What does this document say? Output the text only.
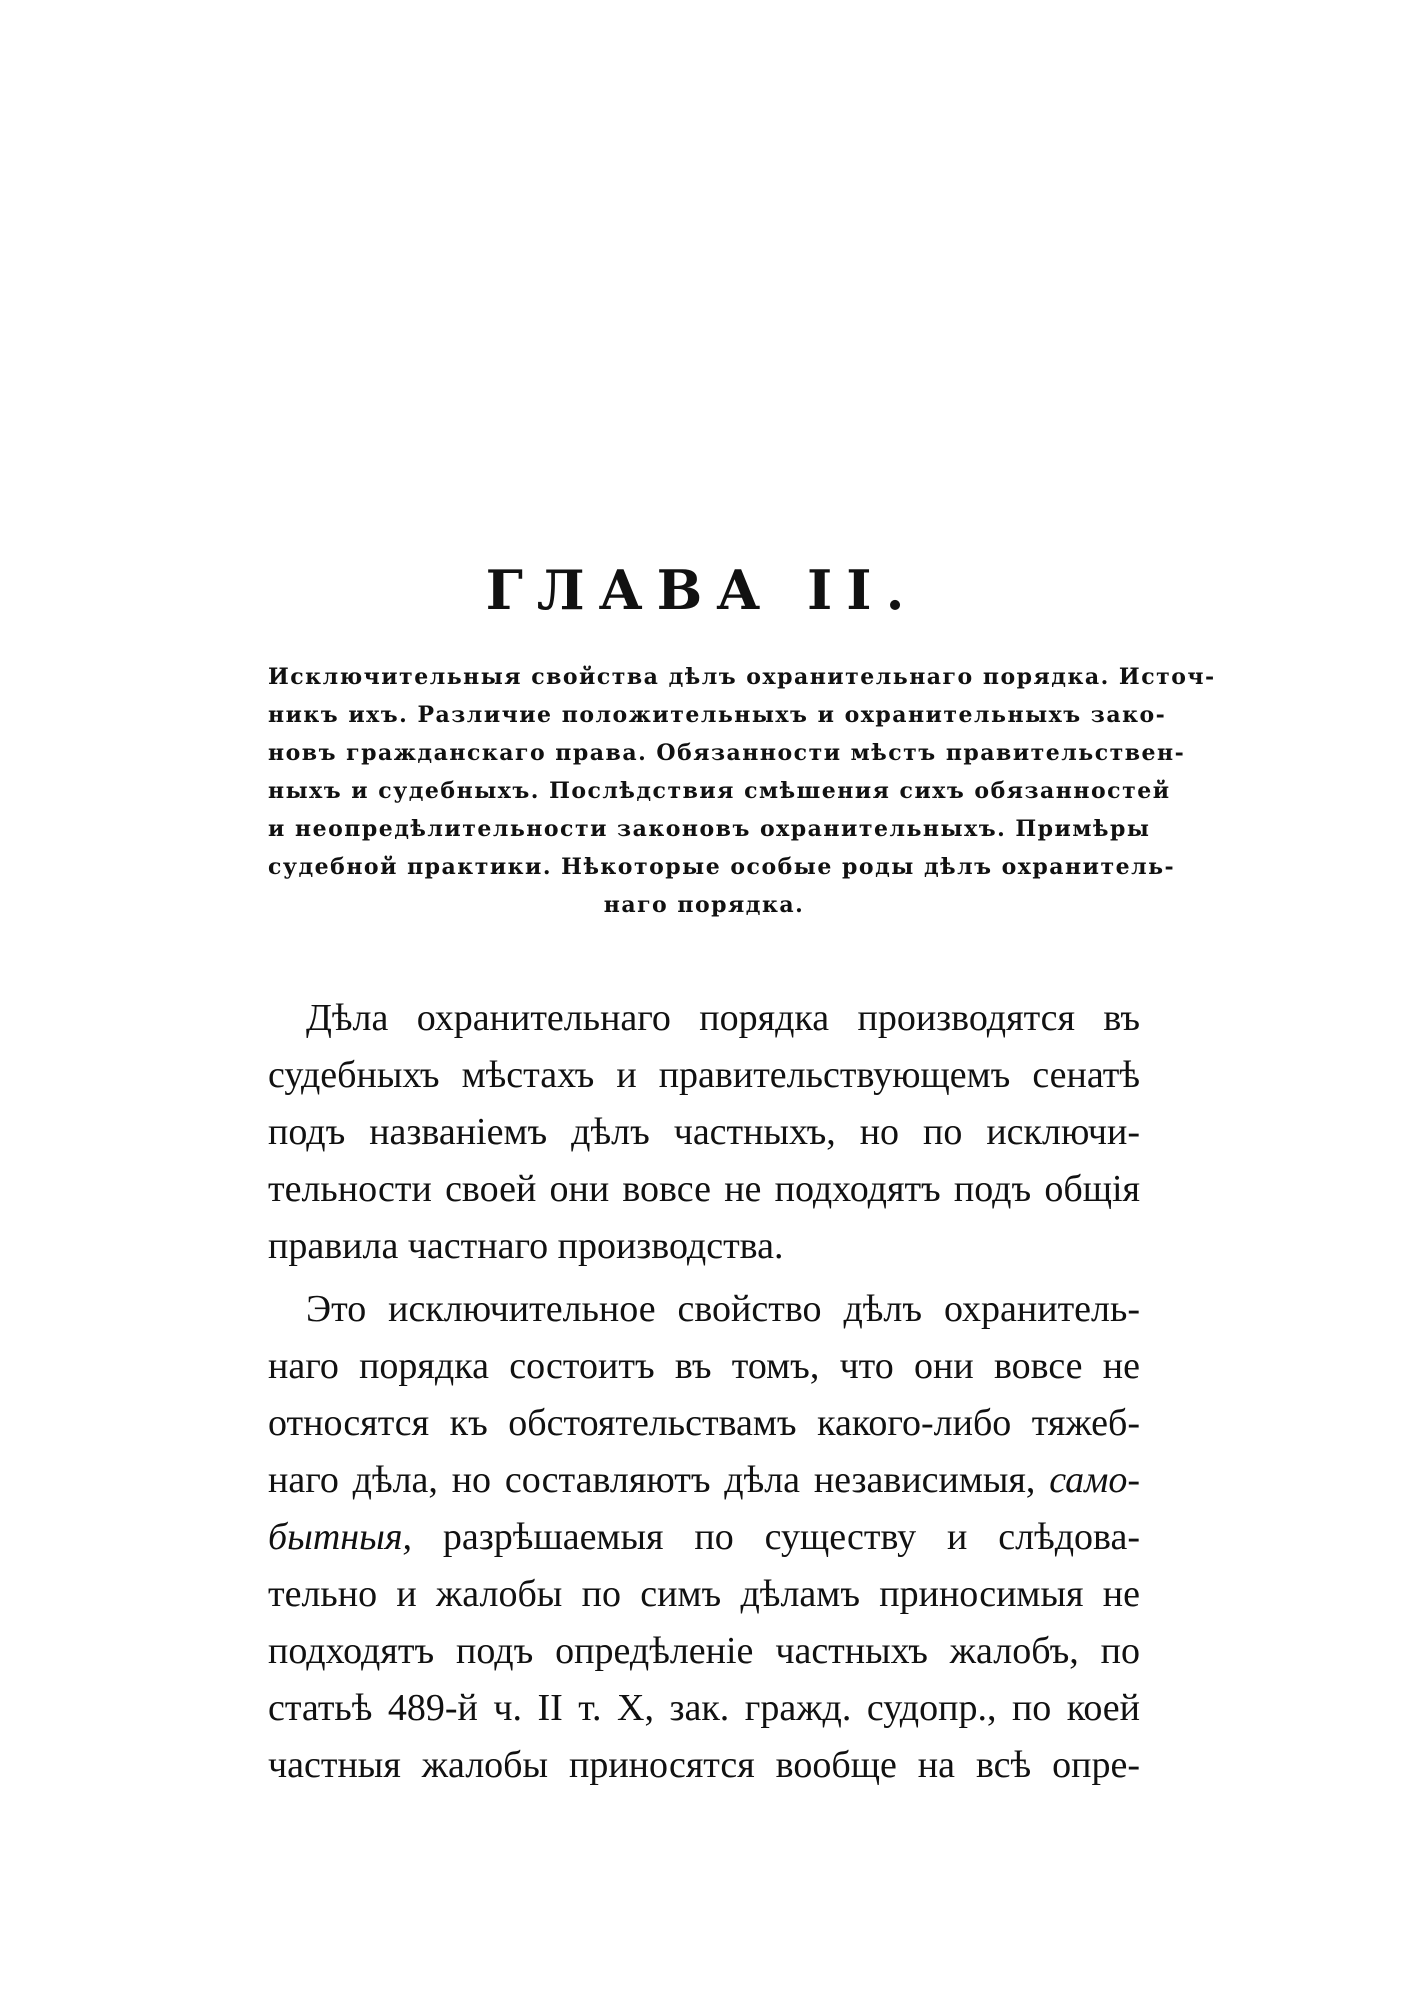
ГЛАВА II.
Исключительныя свойства дѣлъ охранительнаго порядка. Источ-
никъ ихъ. Различие положительныхъ и охранительныхъ зако-
новъ гражданскаго права. Обязанности мѣстъ правительствен-
ныхъ и судебныхъ. Послѣдствия смѣшения сихъ обязанностей
и неопредѣлительности законовъ охранительныхъ. Примѣры
судебной практики. Нѣкоторые особые роды дѣлъ охранитель-
наго порядка.
Дѣла охранительнаго порядка производятся въ
судебныхъ мѣстахъ и правительствующемъ сенатѣ
подъ названіемъ дѣлъ частныхъ, но по исключи-
тельности своей они вовсе не подходятъ подъ общія
правила частнаго производства.
Это исключительное свойство дѣлъ охранитель-
наго порядка состоитъ въ томъ, что они вовсе не
относятся къ обстоятельствамъ какого-либо тяжеб-
наго дѣла, но составляютъ дѣла независимыя, само-
бытныя, разрѣшаемыя по существу и слѣдова-
тельно и жалобы по симъ дѣламъ приносимыя не
подходятъ подъ опредѣленіе частныхъ жалобъ, по
статьѣ 489-й ч. II т. X, зак. гражд. судопр., по коей
частныя жалобы приносятся вообще на всѣ опре-
